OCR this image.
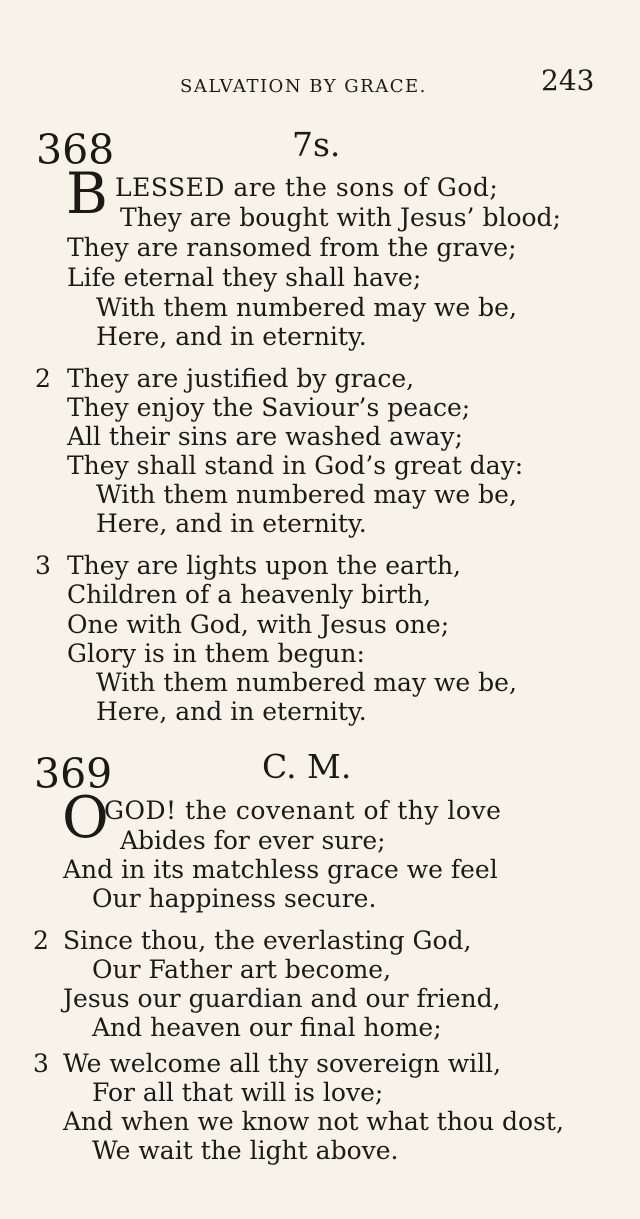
SALVATION BY GRACE.	243
368	7s.
B LESSED are the sons of God;
They are bought with Jesus’ blood;
They are ransomed from the grave;
Life eternal they shall have;
With them numbered may we be,
Here, and in eternity.
2 They are justified by grace,
They enjoy the Saviour’s peace;
All their sins are washed away;
They shall stand in God’s great day:
With them numbered may we be,
Here, and in eternity.
3 They are lights upon the earth,
Children of a heavenly birth,
One with God, with Jesus one;
Glory is in them begun:
With them numbered may we be,
Here, and in eternity.
369	C. M.
O
GOD! the covenant of thy love
Abides for ever sure;
And in its matchless grace we feel
Our happiness secure.
2 Since thou, the everlasting God,
Our Father art become,
Jesus our guardian and our friend,
And heaven our final home;
3 We welcome all thy sovereign will,
For all that will is love;
And when we know not what thou dost,
We wait the light above.
